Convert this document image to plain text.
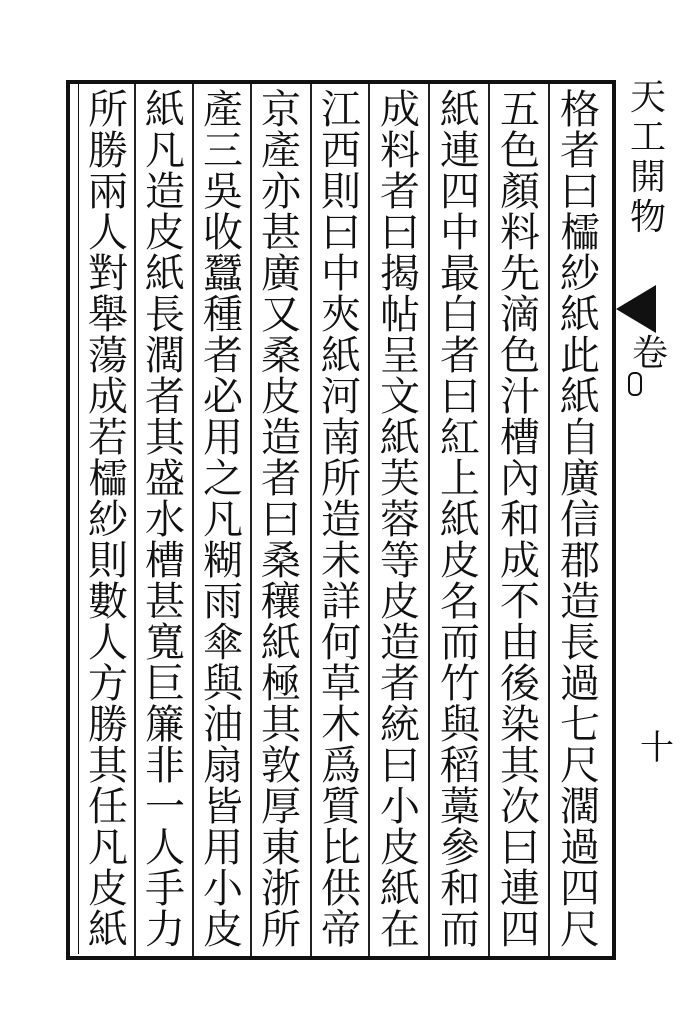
格
者
曰
櫺
紗
紙
此
紙
自
廣
信
郡
造
長
過
七
尺
濶
過
四
尺
五
色
顏
料
先
滴
色
汁
槽
內
和
成
不
由
後
染
其
次
曰
連
四
紙
連
四
中
最
白
者
曰
紅
上
紙
皮
名
而
竹
與
稻
藁
參
和
而
成
料
者
曰
揭
帖
呈
文
紙
芙
蓉
等
皮
造
者
統
曰
小
皮
紙
在
江
西
則
曰
中
夾
紙
河
南
所
造
未
詳
何
草
木
爲
質
比
供
帝
京
產
亦
甚
廣
又
桑
皮
造
者
曰
桑
穰
紙
極
其
敦
厚
東
浙
所
產
三
吳
收
蠶
種
者
必
用
之
凡
糊
雨
傘
與
油
扇
皆
用
小
皮
紙
凡
造
皮
紙
長
濶
者
其
盛
水
槽
甚
寬
巨
簾
非
一
人
手
力
所
勝
兩
人
對
舉
蕩
成
若
櫺
紗
則
數
人
方
勝
其
任
凡
皮
紙
天
工
開
物
卷
十
